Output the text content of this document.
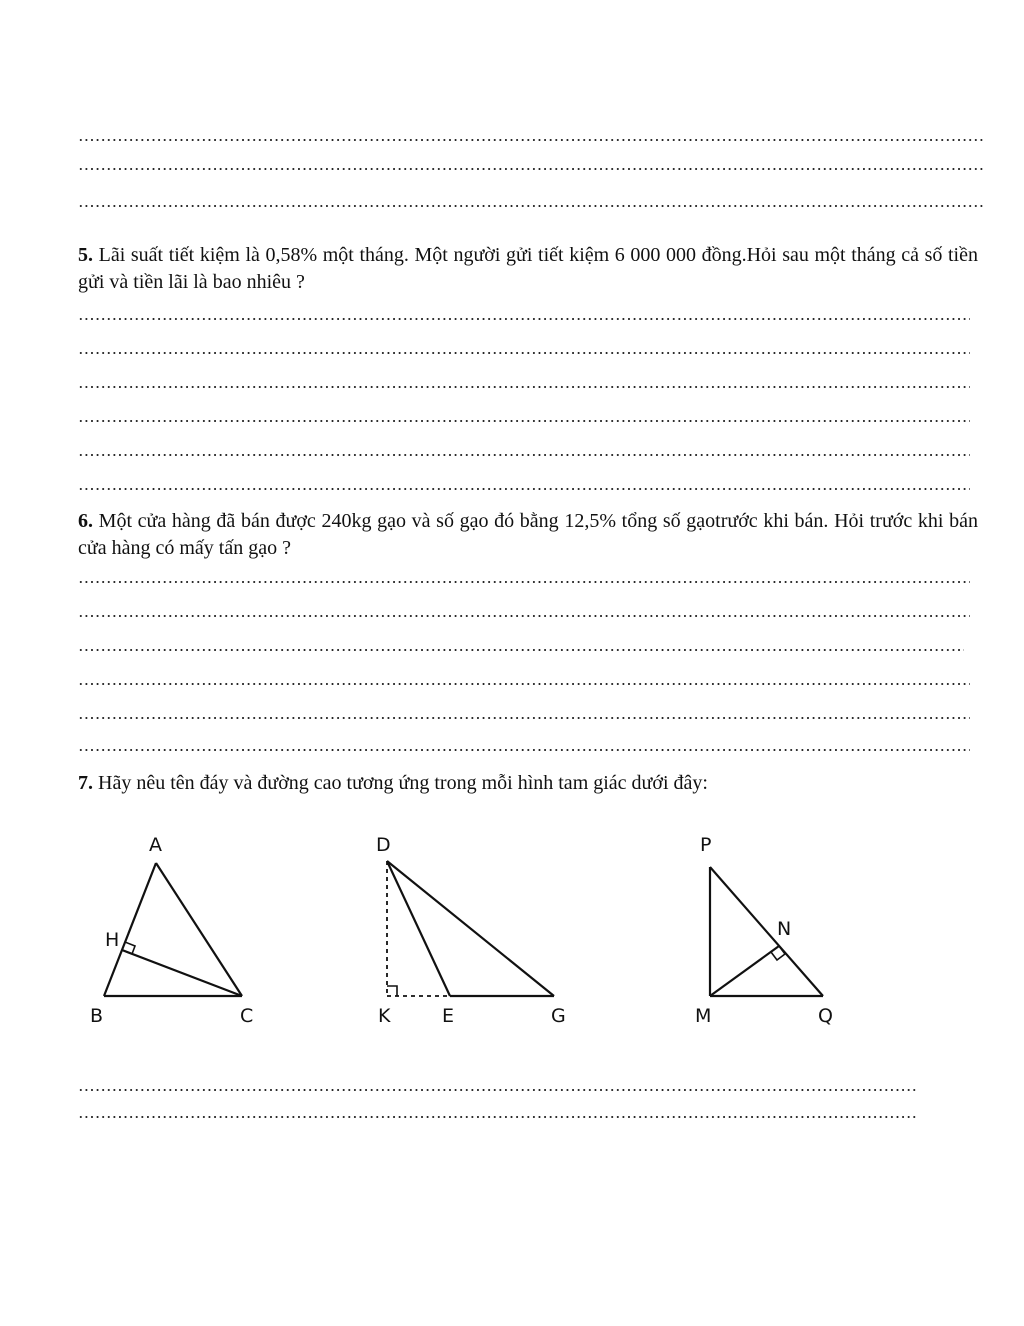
5. Lãi suất tiết kiệm là 0,58% một tháng. Một người gửi tiết kiệm 6 000 000 đồng.Hỏi sau một tháng cả số tiền gửi và tiền lãi là bao nhiêu ?
6. Một cửa hàng đã bán được 240kg gạo và số gạo đó bằng 12,5% tổng số gạotrước khi bán. Hỏi trước khi bán cửa hàng có mấy tấn gạo ?
7. Hãy nêu tên đáy và đường cao tương ứng trong mỗi hình tam giác dưới đây:
A
H
B	C
D
K	E	G
P
N
M	Q
